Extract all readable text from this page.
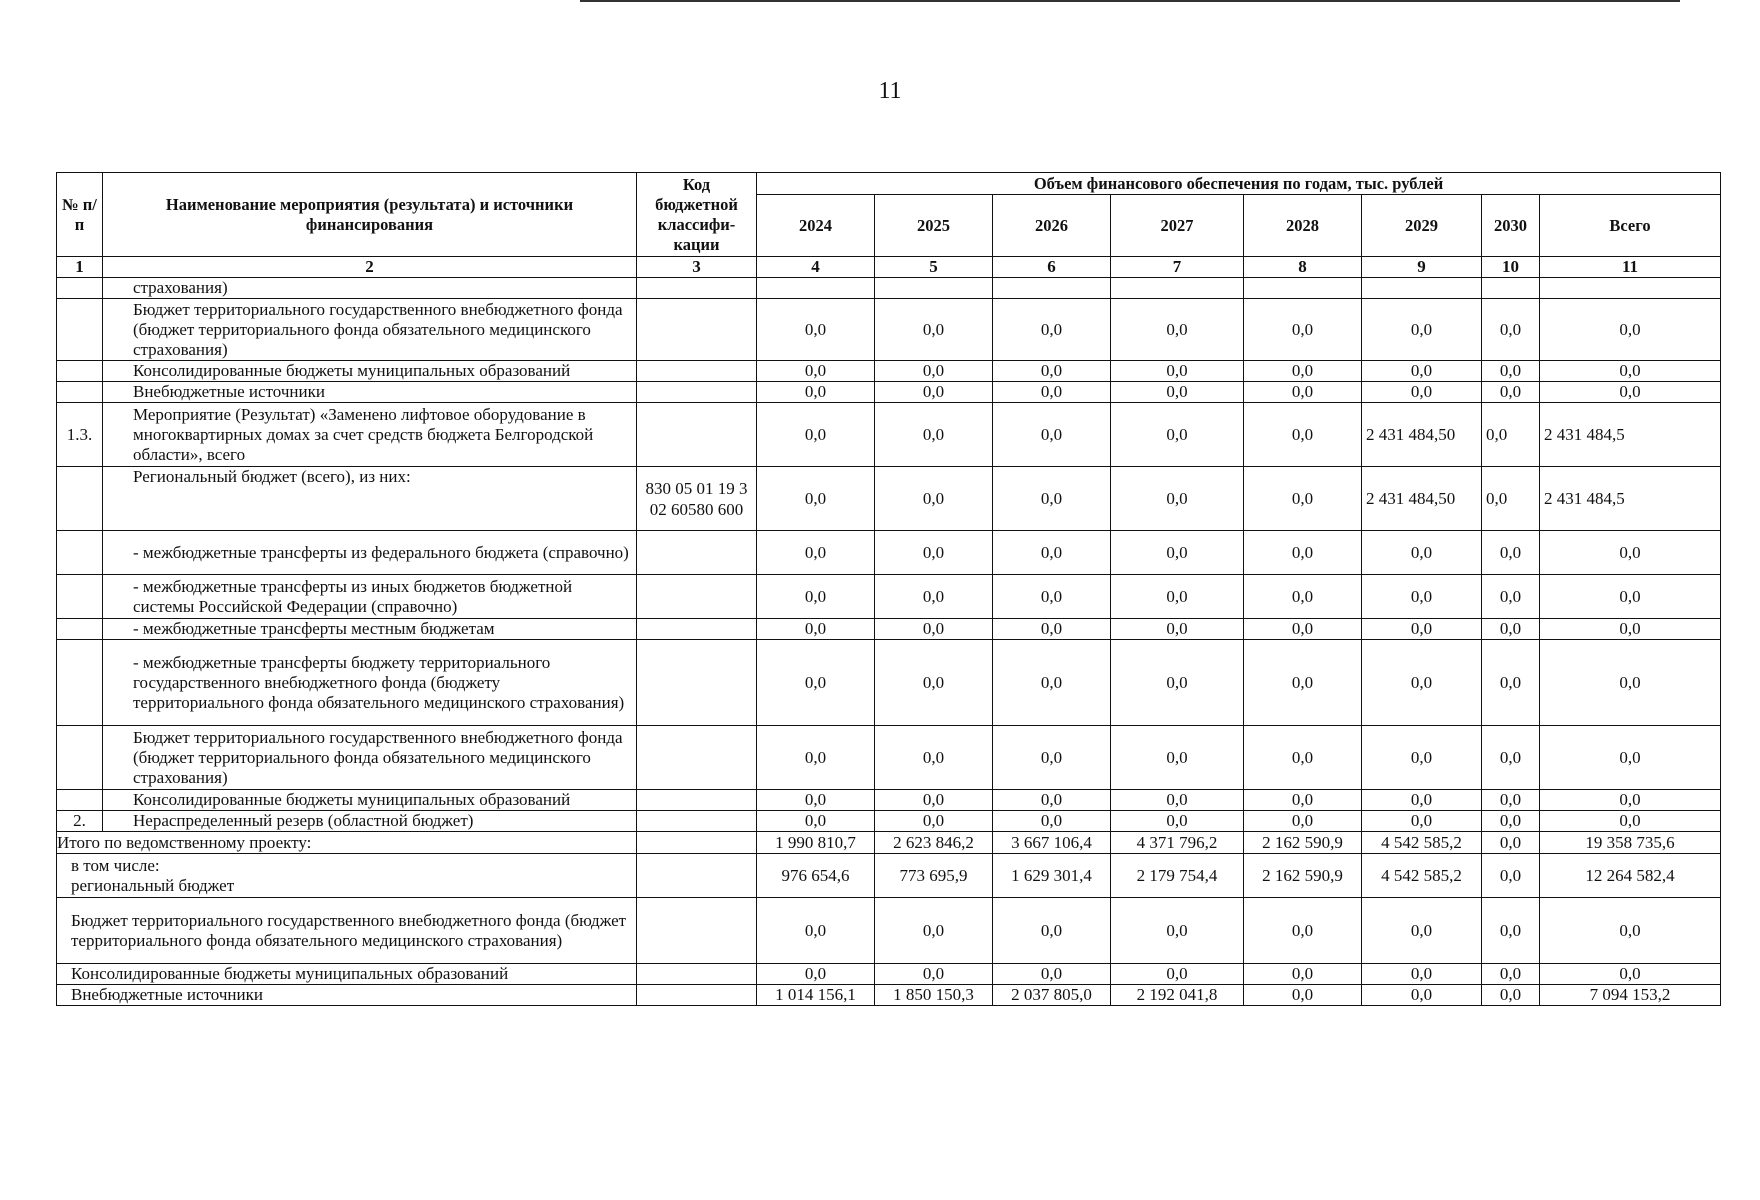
11
№ п/п	Наименование мероприятия (результата) и источники финансирования	Код бюджетной классифи-кации	Объем финансового обеспечения по годам, тыс. рублей							
			2024	2025	2026	2027	2028	2029	2030	Всего
1	2	3	4	5	6	7	8	9	10	11
	страхования)									
	Бюджет территориального государственного внебюджетного фонда (бюджет территориального фонда обязательного медицинского страхования)		0,0	0,0	0,0	0,0	0,0	0,0	0,0	0,0
	Консолидированные бюджеты муниципальных образований		0,0	0,0	0,0	0,0	0,0	0,0	0,0	0,0
	Внебюджетные источники		0,0	0,0	0,0	0,0	0,0	0,0	0,0	0,0
1.3.	Мероприятие (Результат) «Заменено лифтовое оборудование в многоквартирных домах за счет средств бюджета Белгородской области», всего		0,0	0,0	0,0	0,0	0,0	2 431 484,50	0,0	2 431 484,5
	Региональный бюджет (всего), из них:	830 05 01 19 3 02 60580 600	0,0	0,0	0,0	0,0	0,0	2 431 484,50	0,0	2 431 484,5
	- межбюджетные трансферты из федерального бюджета (справочно)		0,0	0,0	0,0	0,0	0,0	0,0	0,0	0,0
	- межбюджетные трансферты из иных бюджетов бюджетной системы Российской Федерации (справочно)		0,0	0,0	0,0	0,0	0,0	0,0	0,0	0,0
	- межбюджетные трансферты местным бюджетам		0,0	0,0	0,0	0,0	0,0	0,0	0,0	0,0
	- межбюджетные трансферты бюджету территориального государственного внебюджетного фонда (бюджету территориального фонда обязательного медицинского страхования)		0,0	0,0	0,0	0,0	0,0	0,0	0,0	0,0
	Бюджет территориального государственного внебюджетного фонда (бюджет территориального фонда обязательного медицинского страхования)		0,0	0,0	0,0	0,0	0,0	0,0	0,0	0,0
	Консолидированные бюджеты муниципальных образований		0,0	0,0	0,0	0,0	0,0	0,0	0,0	0,0
2.	Нераспределенный резерв (областной бюджет)		0,0	0,0	0,0	0,0	0,0	0,0	0,0	0,0
Итого по ведомственному проекту:			1 990 810,7	2 623 846,2	3 667 106,4	4 371 796,2	2 162 590,9	4 542 585,2	0,0	19 358 735,6

в том числе:
региональный бюджет			976 654,6	773 695,9	1 629 301,4	2 179 754,4	2 162 590,9	4 542 585,2	0,0	12 264 582,4
Бюджет территориального государственного внебюджетного фонда (бюджет территориального фонда обязательного медицинского страхования)			0,0	0,0	0,0	0,0	0,0	0,0	0,0	0,0
Консолидированные бюджеты муниципальных образований			0,0	0,0	0,0	0,0	0,0	0,0	0,0	0,0
Внебюджетные источники			1 014 156,1	1 850 150,3	2 037 805,0	2 192 041,8	0,0	0,0	0,0	7 094 153,2
